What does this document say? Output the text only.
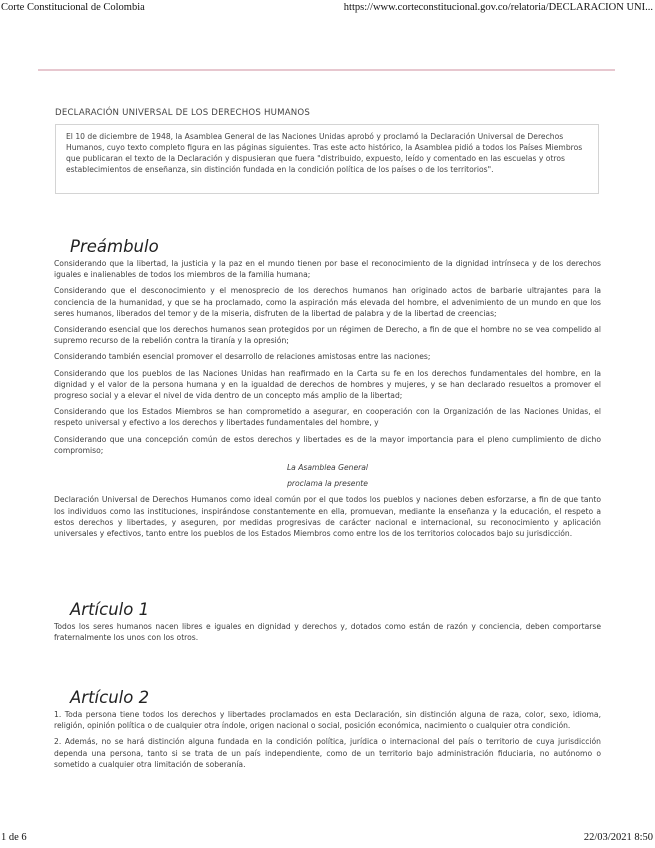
Corte Constitucional de Colombia	https://www.corteconstitucional.gov.co/relatoria/DECLARACION UNI...
DECLARACIÓN UNIVERSAL DE LOS DERECHOS HUMANOS
El 10 de diciembre de 1948, la Asamblea General de las Naciones Unidas aprobó y proclamó la Declaración Universal de Derechos Humanos, cuyo texto completo figura en las páginas siguientes. Tras este acto histórico, la Asamblea pidió a todos los Países Miembros que publicaran el texto de la Declaración y dispusieran que fuera "distribuido, expuesto, leído y comentado en las escuelas y otros establecimientos de enseñanza, sin distinción fundada en la condición política de los países o de los territorios".
Preámbulo

Considerando que la libertad, la justicia y la paz en el mundo tienen por base el reconocimiento de la dignidad intrínseca y de los derechos iguales e inalienables de todos los miembros de la familia humana;

Considerando que el desconocimiento y el menosprecio de los derechos humanos han originado actos de barbarie ultrajantes para la conciencia de la humanidad, y que se ha proclamado, como la aspiración más elevada del hombre, el advenimiento de un mundo en que los seres humanos, liberados del temor y de la miseria, disfruten de la libertad de palabra y de la libertad de creencias;

Considerando esencial que los derechos humanos sean protegidos por un régimen de Derecho, a fin de que el hombre no se vea compelido al supremo recurso de la rebelión contra la tiranía y la opresión;

Considerando también esencial promover el desarrollo de relaciones amistosas entre las naciones;

Considerando que los pueblos de las Naciones Unidas han reafirmado en la Carta su fe en los derechos fundamentales del hombre, en la dignidad y el valor de la persona humana y en la igualdad de derechos de hombres y mujeres, y se han declarado resueltos a promover el progreso social y a elevar el nivel de vida dentro de un concepto más amplio de la libertad;

Considerando que los Estados Miembros se han comprometido a asegurar, en cooperación con la Organización de las Naciones Unidas, el respeto universal y efectivo a los derechos y libertades fundamentales del hombre, y

Considerando que una concepción común de estos derechos y libertades es de la mayor importancia para el pleno cumplimiento de dicho compromiso;

La Asamblea General

proclama la presente

Declaración Universal de Derechos Humanos como ideal común por el que todos los pueblos y naciones deben esforzarse, a fin de que tanto los individuos como las instituciones, inspirándose constantemente en ella, promuevan, mediante la enseñanza y la educación, el respeto a estos derechos y libertades, y aseguren, por medidas progresivas de carácter nacional e internacional, su reconocimiento y aplicación universales y efectivos, tanto entre los pueblos de los Estados Miembros como entre los de los territorios colocados bajo su jurisdicción.

Artículo 1

Todos los seres humanos nacen libres e iguales en dignidad y derechos y, dotados como están de razón y conciencia, deben comportarse fraternalmente los unos con los otros.

Artículo 2

1. Toda persona tiene todos los derechos y libertades proclamados en esta Declaración, sin distinción alguna de raza, color, sexo, idioma, religión, opinión política o de cualquier otra índole, origen nacional o social, posición económica, nacimiento o cualquier otra condición.

2. Además, no se hará distinción alguna fundada en la condición política, jurídica o internacional del país o territorio de cuya jurisdicción dependa una persona, tanto si se trata de un país independiente, como de un territorio bajo administración fiduciaria, no autónomo o sometido a cualquier otra limitación de soberanía.

1 de 6	22/03/2021 8:50
